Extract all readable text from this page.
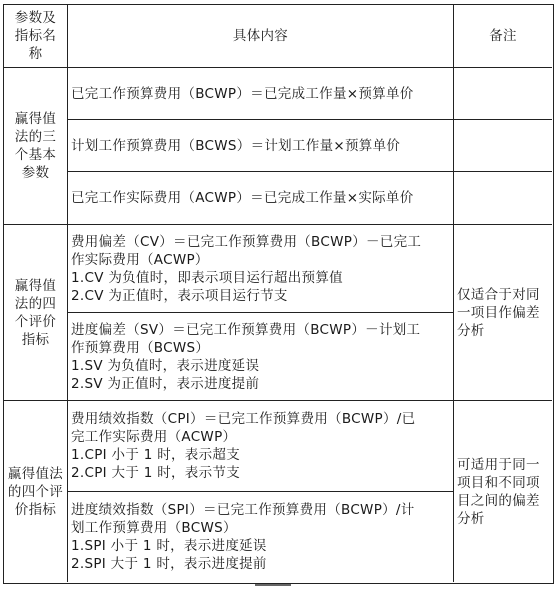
参数及
指标名
称
具体内容	备注
赢得值
法的三
个基本
参数
已完工作预算费用（BCWP）＝已完成工作量×预算单价
计划工作预算费用（BCWS）＝计划工作量×预算单价
已完工作实际费用（ACWP）＝已完成工作量×实际单价
赢得值
法的四
个评价
指标
费用偏差（CV）＝已完工作预算费用（BCWP）－已完工
作实际费用（ACWP）
1.CV 为负值时，即表示项目运行超出预算值
2.CV 为正值时，表示项目运行节支
进度偏差（SV）＝已完工作预算费用（BCWP）－计划工
作预算费用（BCWS）
1.SV 为负值时，表示进度延误
2.SV 为正值时，表示进度提前
仅适合于对同
一项目作偏差
分析
赢得值法
的四个评
价指标
费用绩效指数（CPI）＝已完工作预算费用（BCWP）/已
完工作实际费用（ACWP）
1.CPI 小于 1 时，表示超支
2.CPI 大于 1 时，表示节支
进度绩效指数（SPI）＝已完工作预算费用（BCWP）/计
划工作预算费用（BCWS）
1.SPI 小于 1 时，表示进度延误
2.SPI 大于 1 时，表示进度提前
可适用于同一
项目和不同项
目之间的偏差
分析
